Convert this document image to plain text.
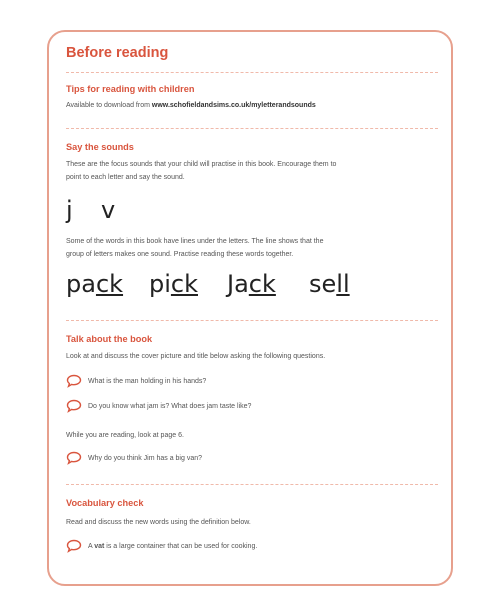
Before reading
Tips for reading with children
Available to download from www.schofieldandsims.co.uk/myletterandsounds
Say the sounds
These are the focus sounds that your child will practise in this book. Encourage them to
point to each letter and say the sound.
j v
Some of the words in this book have lines under the letters. The line shows that the
group of letters makes one sound. Practise reading these words together.
pack pick Jack sell
Talk about the book
Look at and discuss the cover picture and title below asking the following questions.
What is the man holding in his hands?
Do you know what jam is? What does jam taste like?
While you are reading, look at page 6.
Why do you think Jim has a big van?
Vocabulary check
Read and discuss the new words using the definition below.
A vat is a large container that can be used for cooking.
